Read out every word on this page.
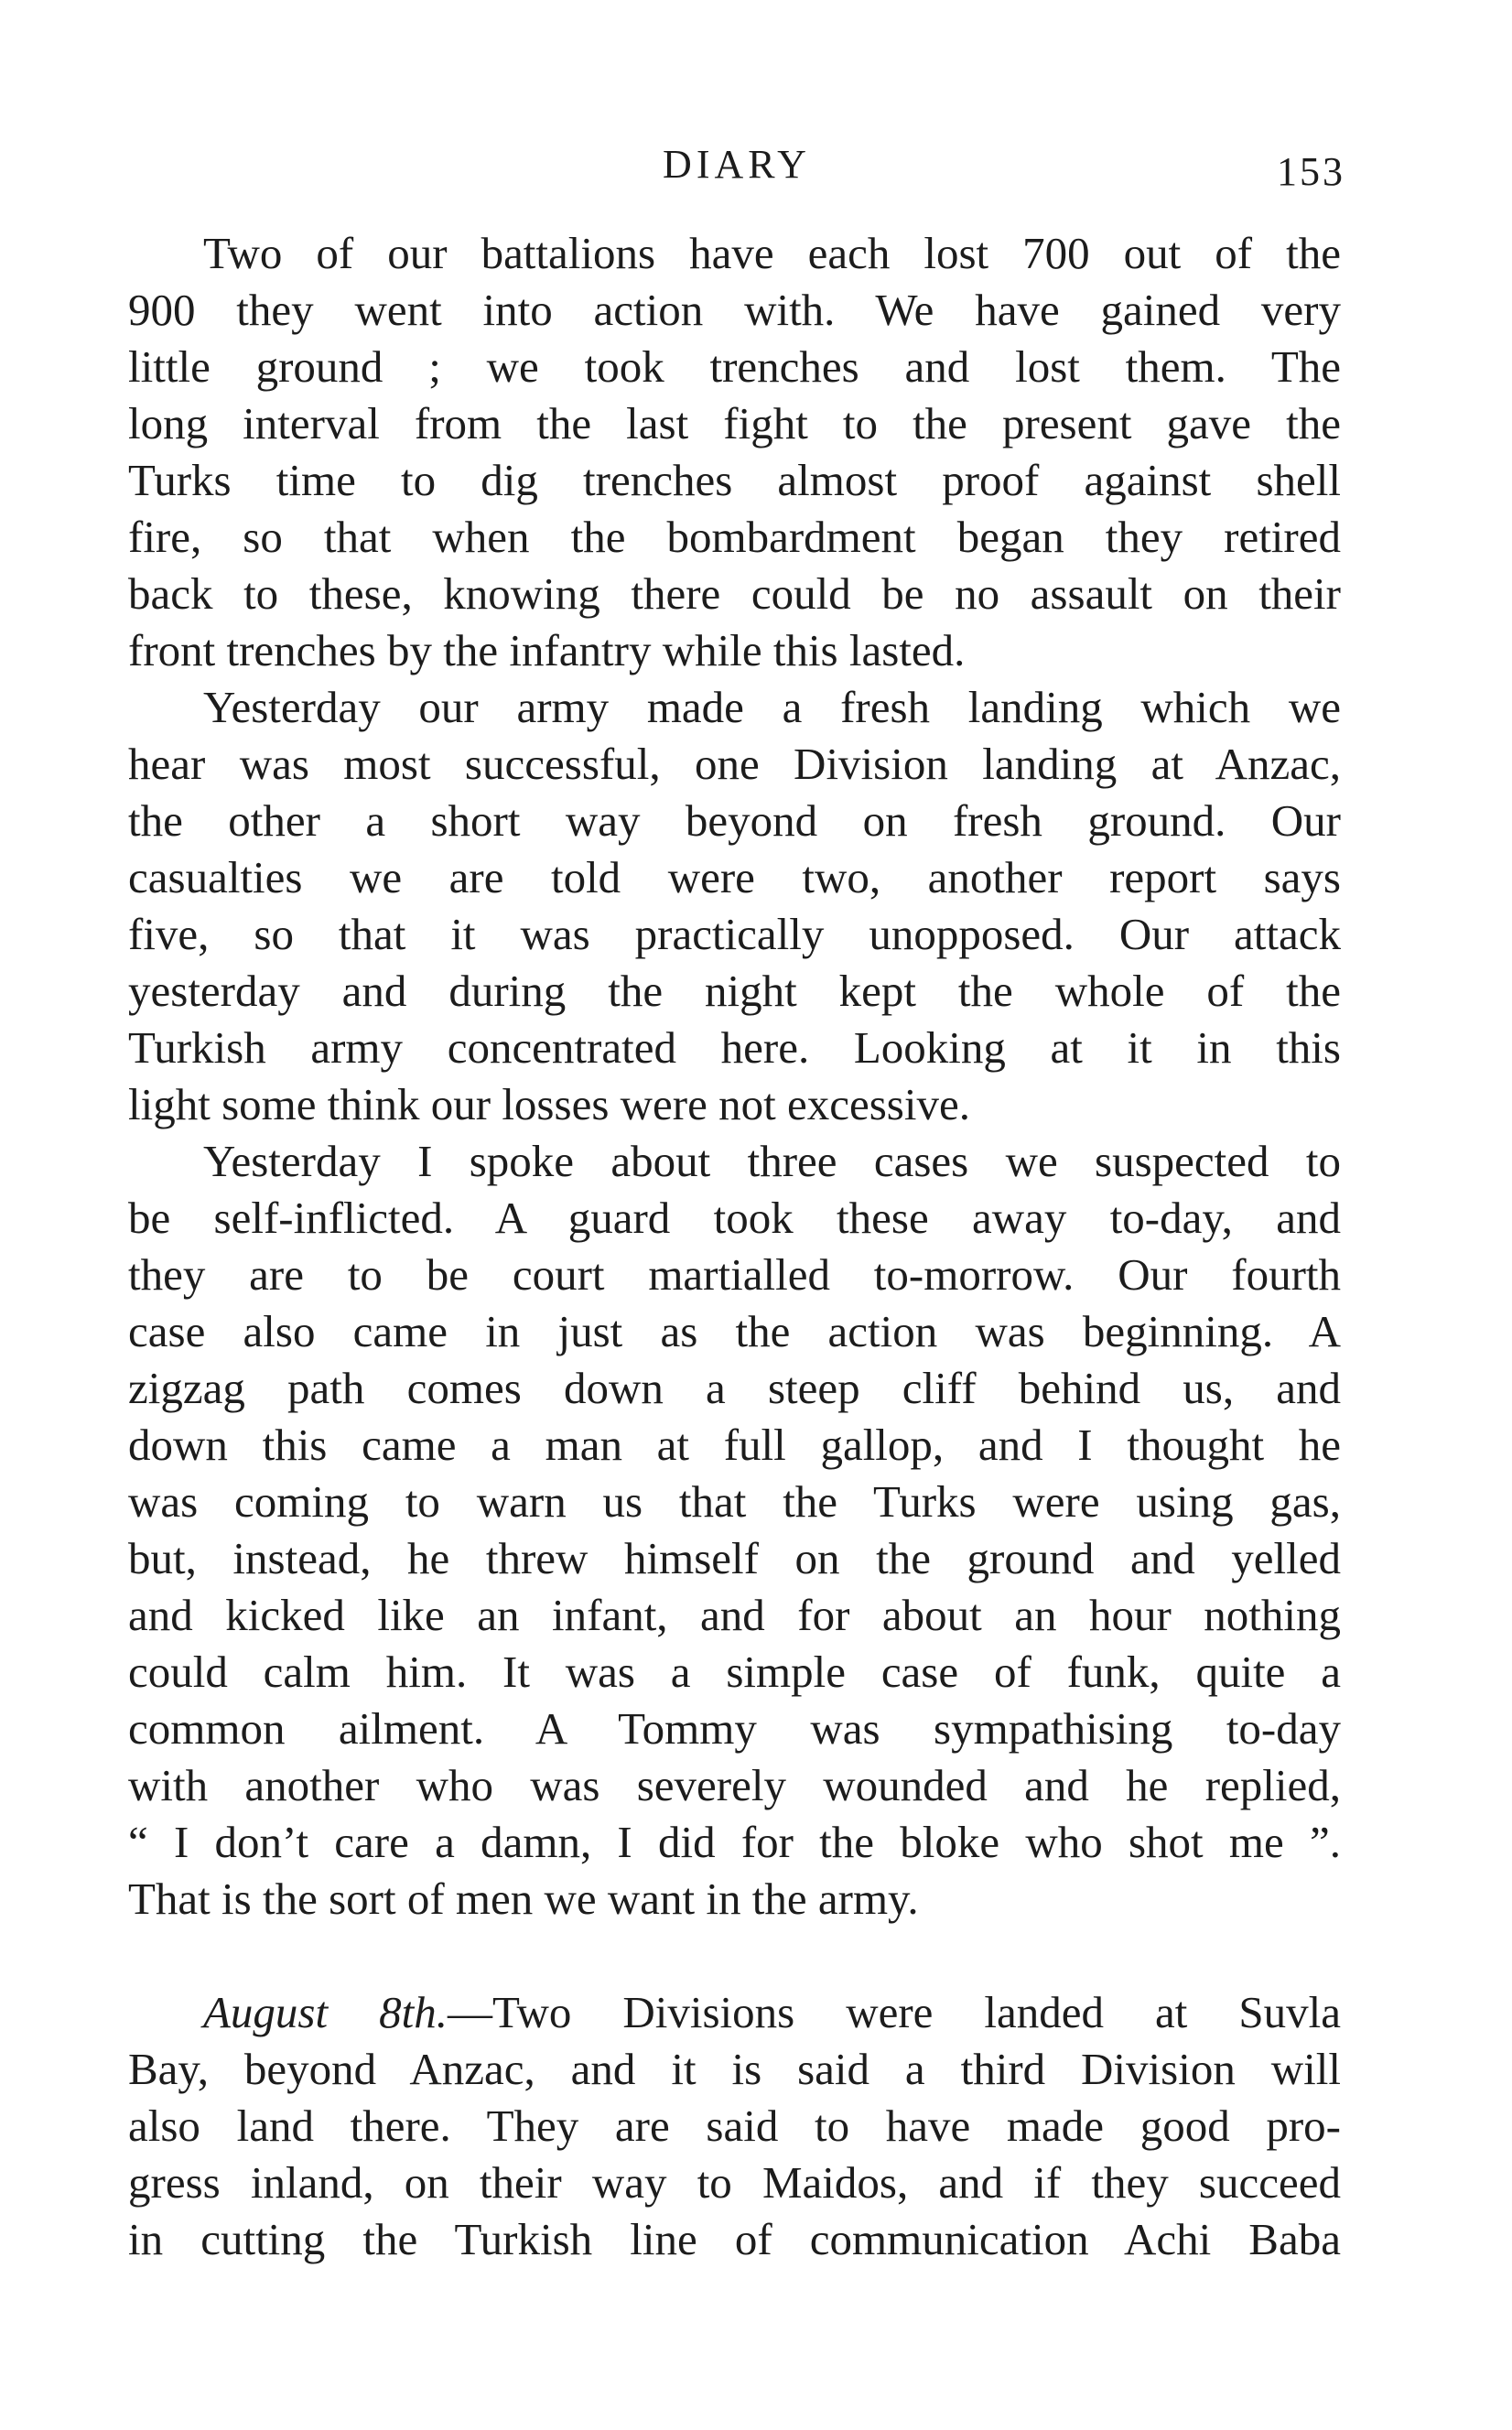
DIARY	153
Two of our battalions have each lost 700 out of the
900 they went into action with. We have gained very
little ground ; we took trenches and lost them. The
long interval from the last fight to the present gave the
Turks time to dig trenches almost proof against shell
fire, so that when the bombardment began they retired
back to these, knowing there could be no assault on their
front trenches by the infantry while this lasted.
Yesterday our army made a fresh landing which we
hear was most successful, one Division landing at Anzac,
the other a short way beyond on fresh ground. Our
casualties we are told were two, another report says
five, so that it was practically unopposed. Our attack
yesterday and during the night kept the whole of the
Turkish army concentrated here. Looking at it in this
light some think our losses were not excessive.
Yesterday I spoke about three cases we suspected to
be self-inflicted. A guard took these away to-day, and
they are to be court martialled to-morrow. Our fourth
case also came in just as the action was beginning. A
zigzag path comes down a steep cliff behind us, and
down this came a man at full gallop, and I thought he
was coming to warn us that the Turks were using gas,
but, instead, he threw himself on the ground and yelled
and kicked like an infant, and for about an hour nothing
could calm him. It was a simple case of funk, quite a
common ailment. A Tommy was sympathising to-day
with another who was severely wounded and he replied,
“ I don’t care a damn, I did for the bloke who shot me ”.
That is the sort of men we want in the army.
August 8th.—Two Divisions were landed at Suvla
Bay, beyond Anzac, and it is said a third Division will
also land there. They are said to have made good pro-
gress inland, on their way to Maidos, and if they succeed
in cutting the Turkish line of communication Achi Baba
